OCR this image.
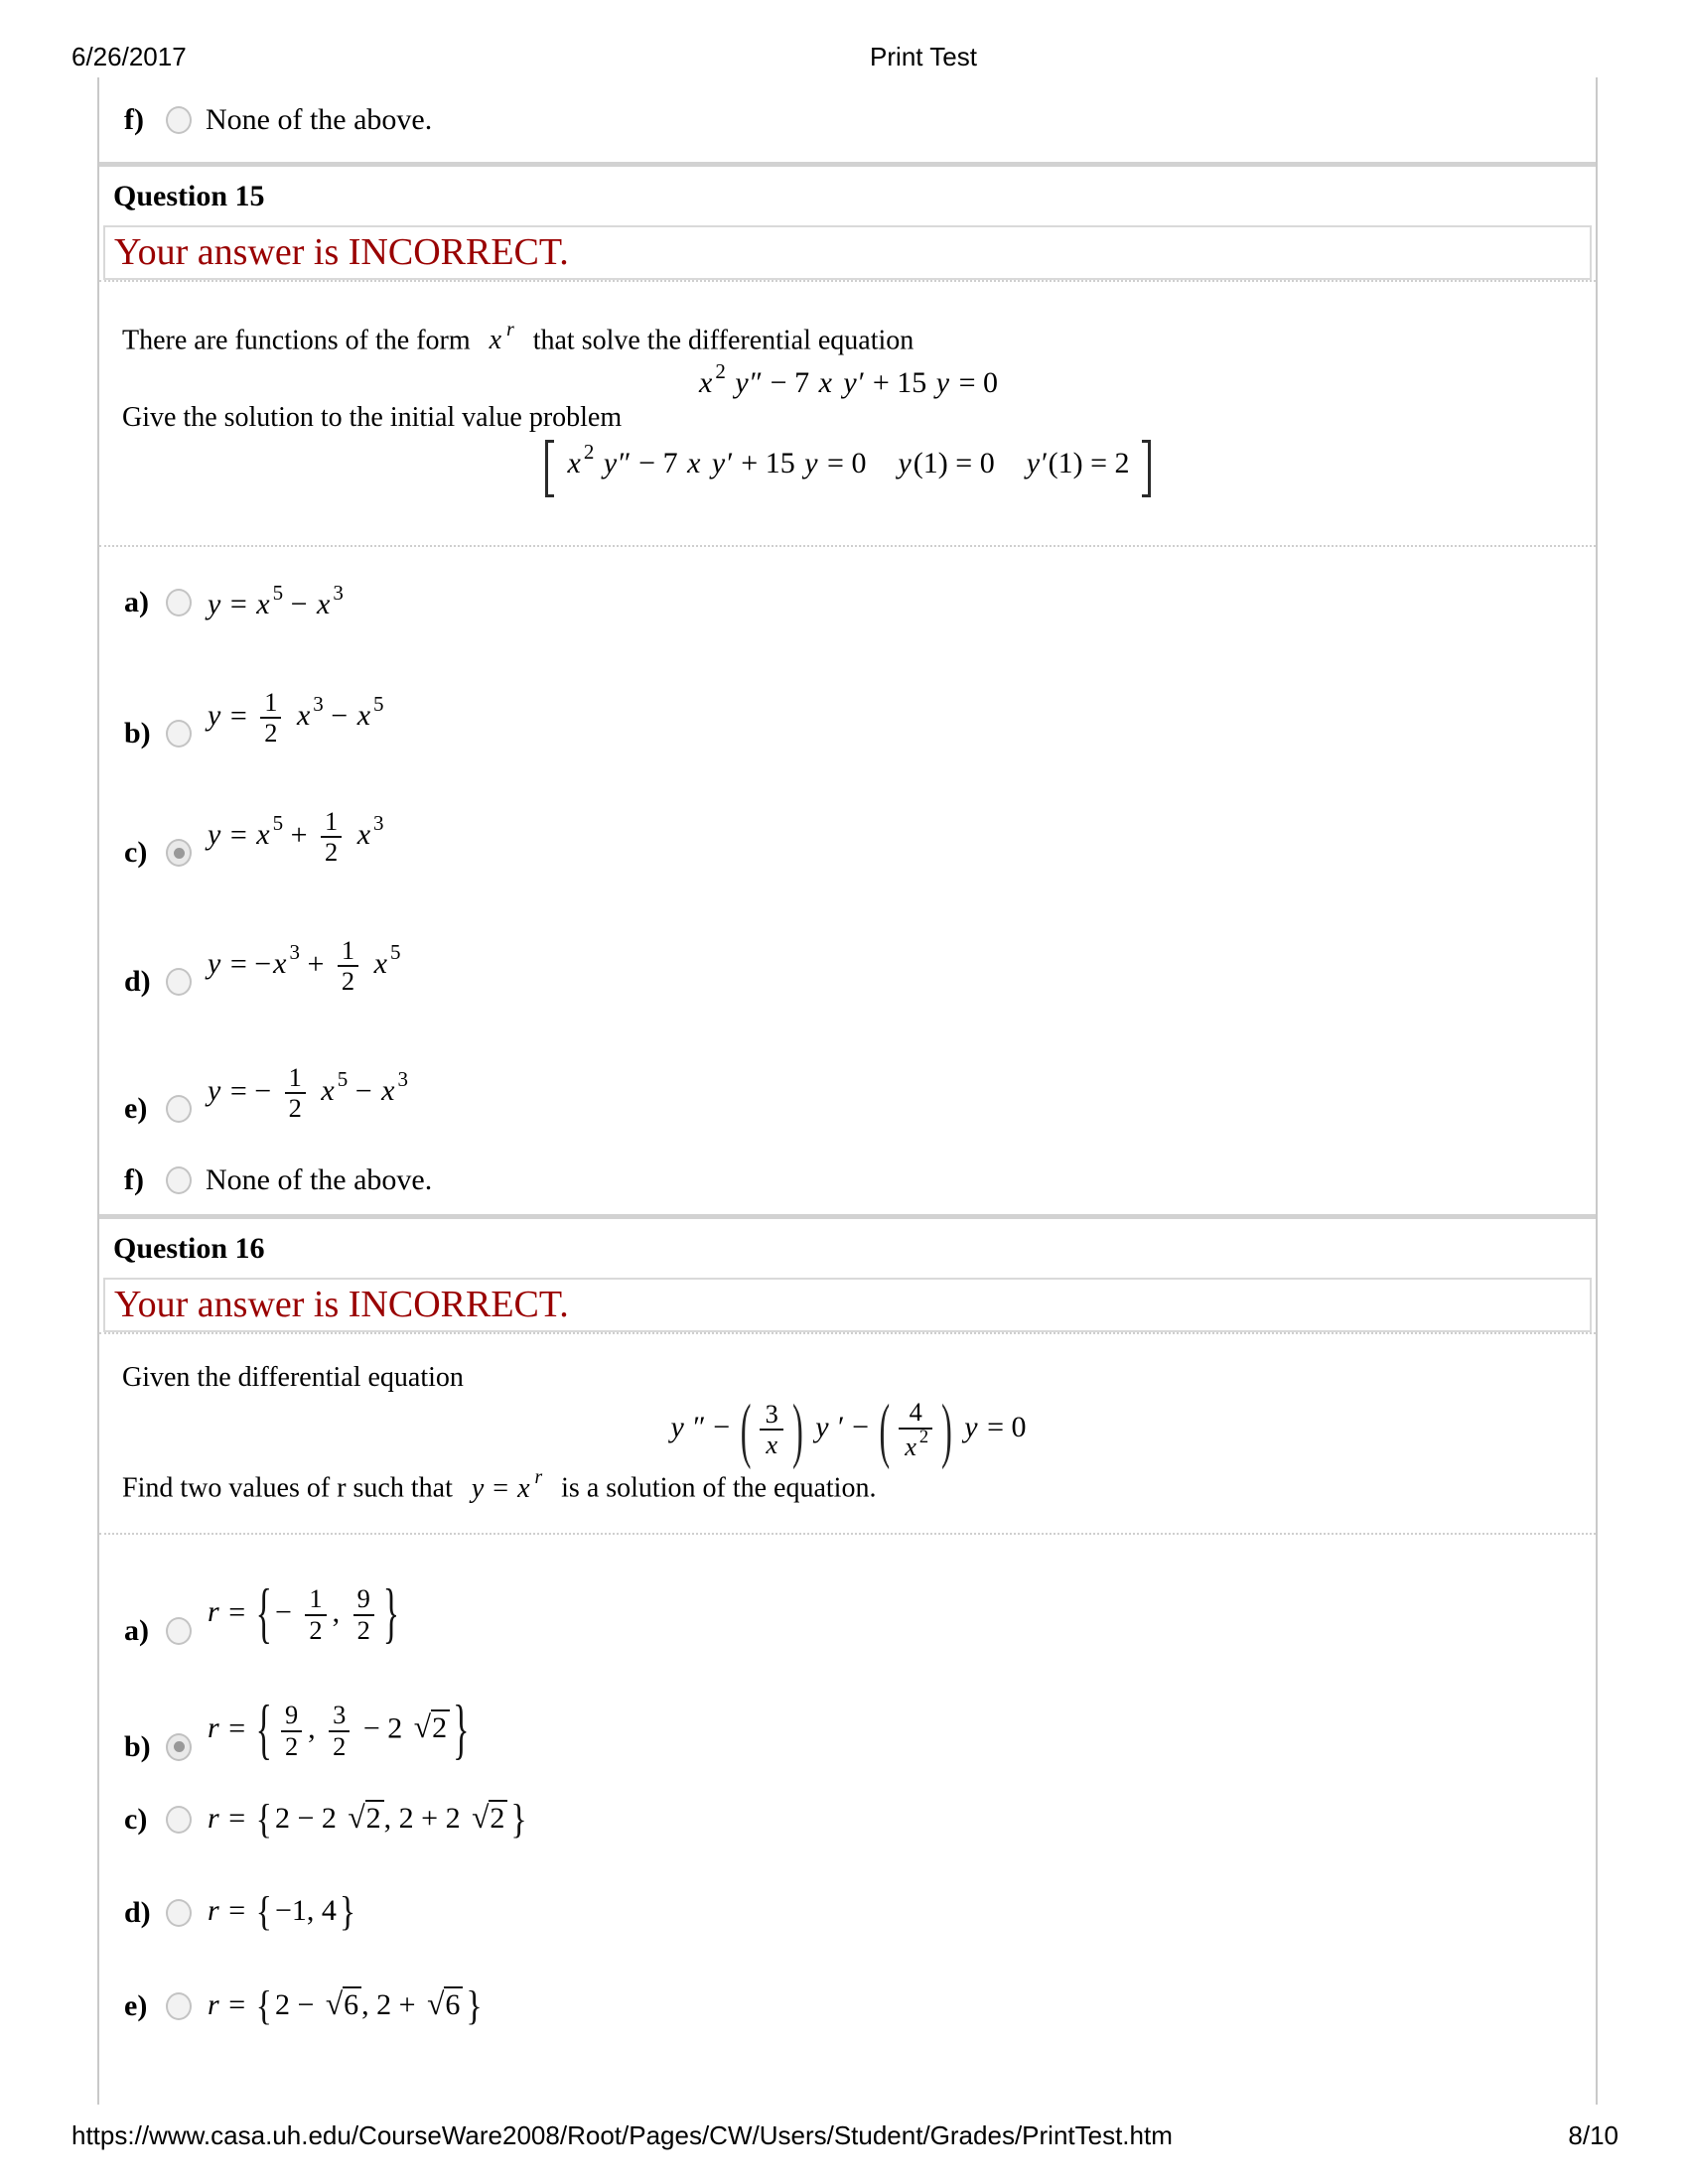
6/26/2017	Print Test
f)	None of the above.
Question 15
Your answer is INCORRECT.
There are functions of the form x $^r$ that solve the differential equation
x $^2$ y″ − 7 x y′ + 15 y = 0
Give the solution to the initial value problem
x $^2$ y″ − 7 x y′ + 15 y = 0 y(1) = 0 y′(1) = 2
a)	y = x $^5$ − x $^3$
b)
$y = \frac{1}{2}$ x $^3$ − x $^5$
c)
y = x $^5 + \frac{1}{2}$ x $^3$
d)
y = −x $^3 + \frac{1}{2}$ x $^5$
e)
y = − $\frac{1}{2}$ x $^5$ − x $^3$
f)	None of the above.
Question 16
Your answer is INCORRECT.
Given the differential equation
y ″ − ( $\frac{3}{x}$ ) y ′ − ( $\frac{4}{x ^2}$ ) y = 0
Find two values of r such that y = x $^r$ is a solution of the equation.
a)
r = { − $\frac{1}{2}$ , $\frac{9}{2}$ }
b)
r = { $\frac{9}{2}$ , $\frac{3}{2} - 2$ √2 }
c)	r = { 2 − 2 √2 , 2 + 2 √2 }
d)	r = { −1, 4}
e)	r = { 2 − √6 , 2 + √6 }
https://www.casa.uh.edu/CourseWare2008/Root/Pages/CW/Users/Student/Grades/PrintTest.htm	8/10
